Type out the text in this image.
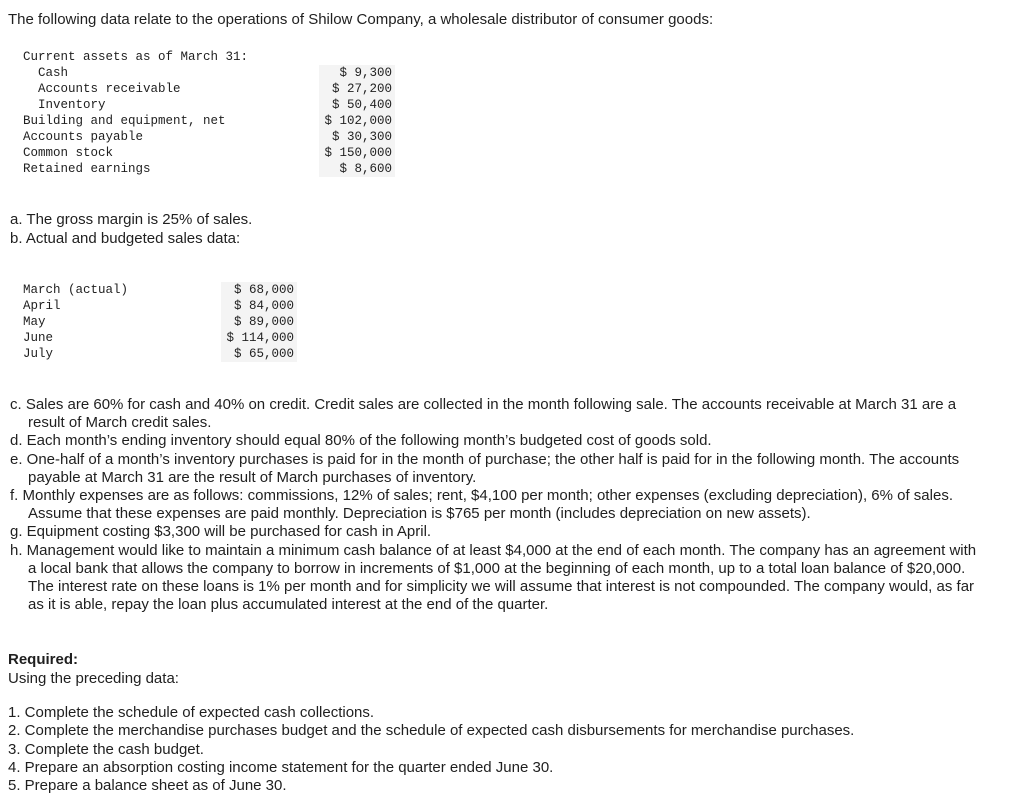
The following data relate to the operations of Shilow Company, a wholesale distributor of consumer goods:

Current assets as of March 31:	
Cash	$ 9,300
Accounts receivable	$ 27,200
Inventory	$ 50,400
Building and equipment, net	$ 102,000
Accounts payable	$ 30,300
Common stock	$ 150,000
Retained earnings	$ 8,600

a. The gross margin is 25% of sales.

b. Actual and budgeted sales data:

March (actual)	$ 68,000
April	$ 84,000
May	$ 89,000
June	$ 114,000
July	$ 65,000

c. Sales are 60% for cash and 40% on credit. Credit sales are collected in the month following sale. The accounts receivable at March 31 are a result of March credit sales.

d. Each month’s ending inventory should equal 80% of the following month’s budgeted cost of goods sold.

e. One-half of a month’s inventory purchases is paid for in the month of purchase; the other half is paid for in the following month. The accounts payable at March 31 are the result of March purchases of inventory.

f. Monthly expenses are as follows: commissions, 12% of sales; rent, $4,100 per month; other expenses (excluding depreciation), 6% of sales. Assume that these expenses are paid monthly. Depreciation is $765 per month (includes depreciation on new assets).

g. Equipment costing $3,300 will be purchased for cash in April.

h. Management would like to maintain a minimum cash balance of at least $4,000 at the end of each month. The company has an agreement with a local bank that allows the company to borrow in increments of $1,000 at the beginning of each month, up to a total loan balance of $20,000. The interest rate on these loans is 1% per month and for simplicity we will assume that interest is not compounded. The company would, as far as it is able, repay the loan plus accumulated interest at the end of the quarter.

Required:

Using the preceding data:

1. Complete the schedule of expected cash collections.

2. Complete the merchandise purchases budget and the schedule of expected cash disbursements for merchandise purchases.

3. Complete the cash budget.

4. Prepare an absorption costing income statement for the quarter ended June 30.

5. Prepare a balance sheet as of June 30.
